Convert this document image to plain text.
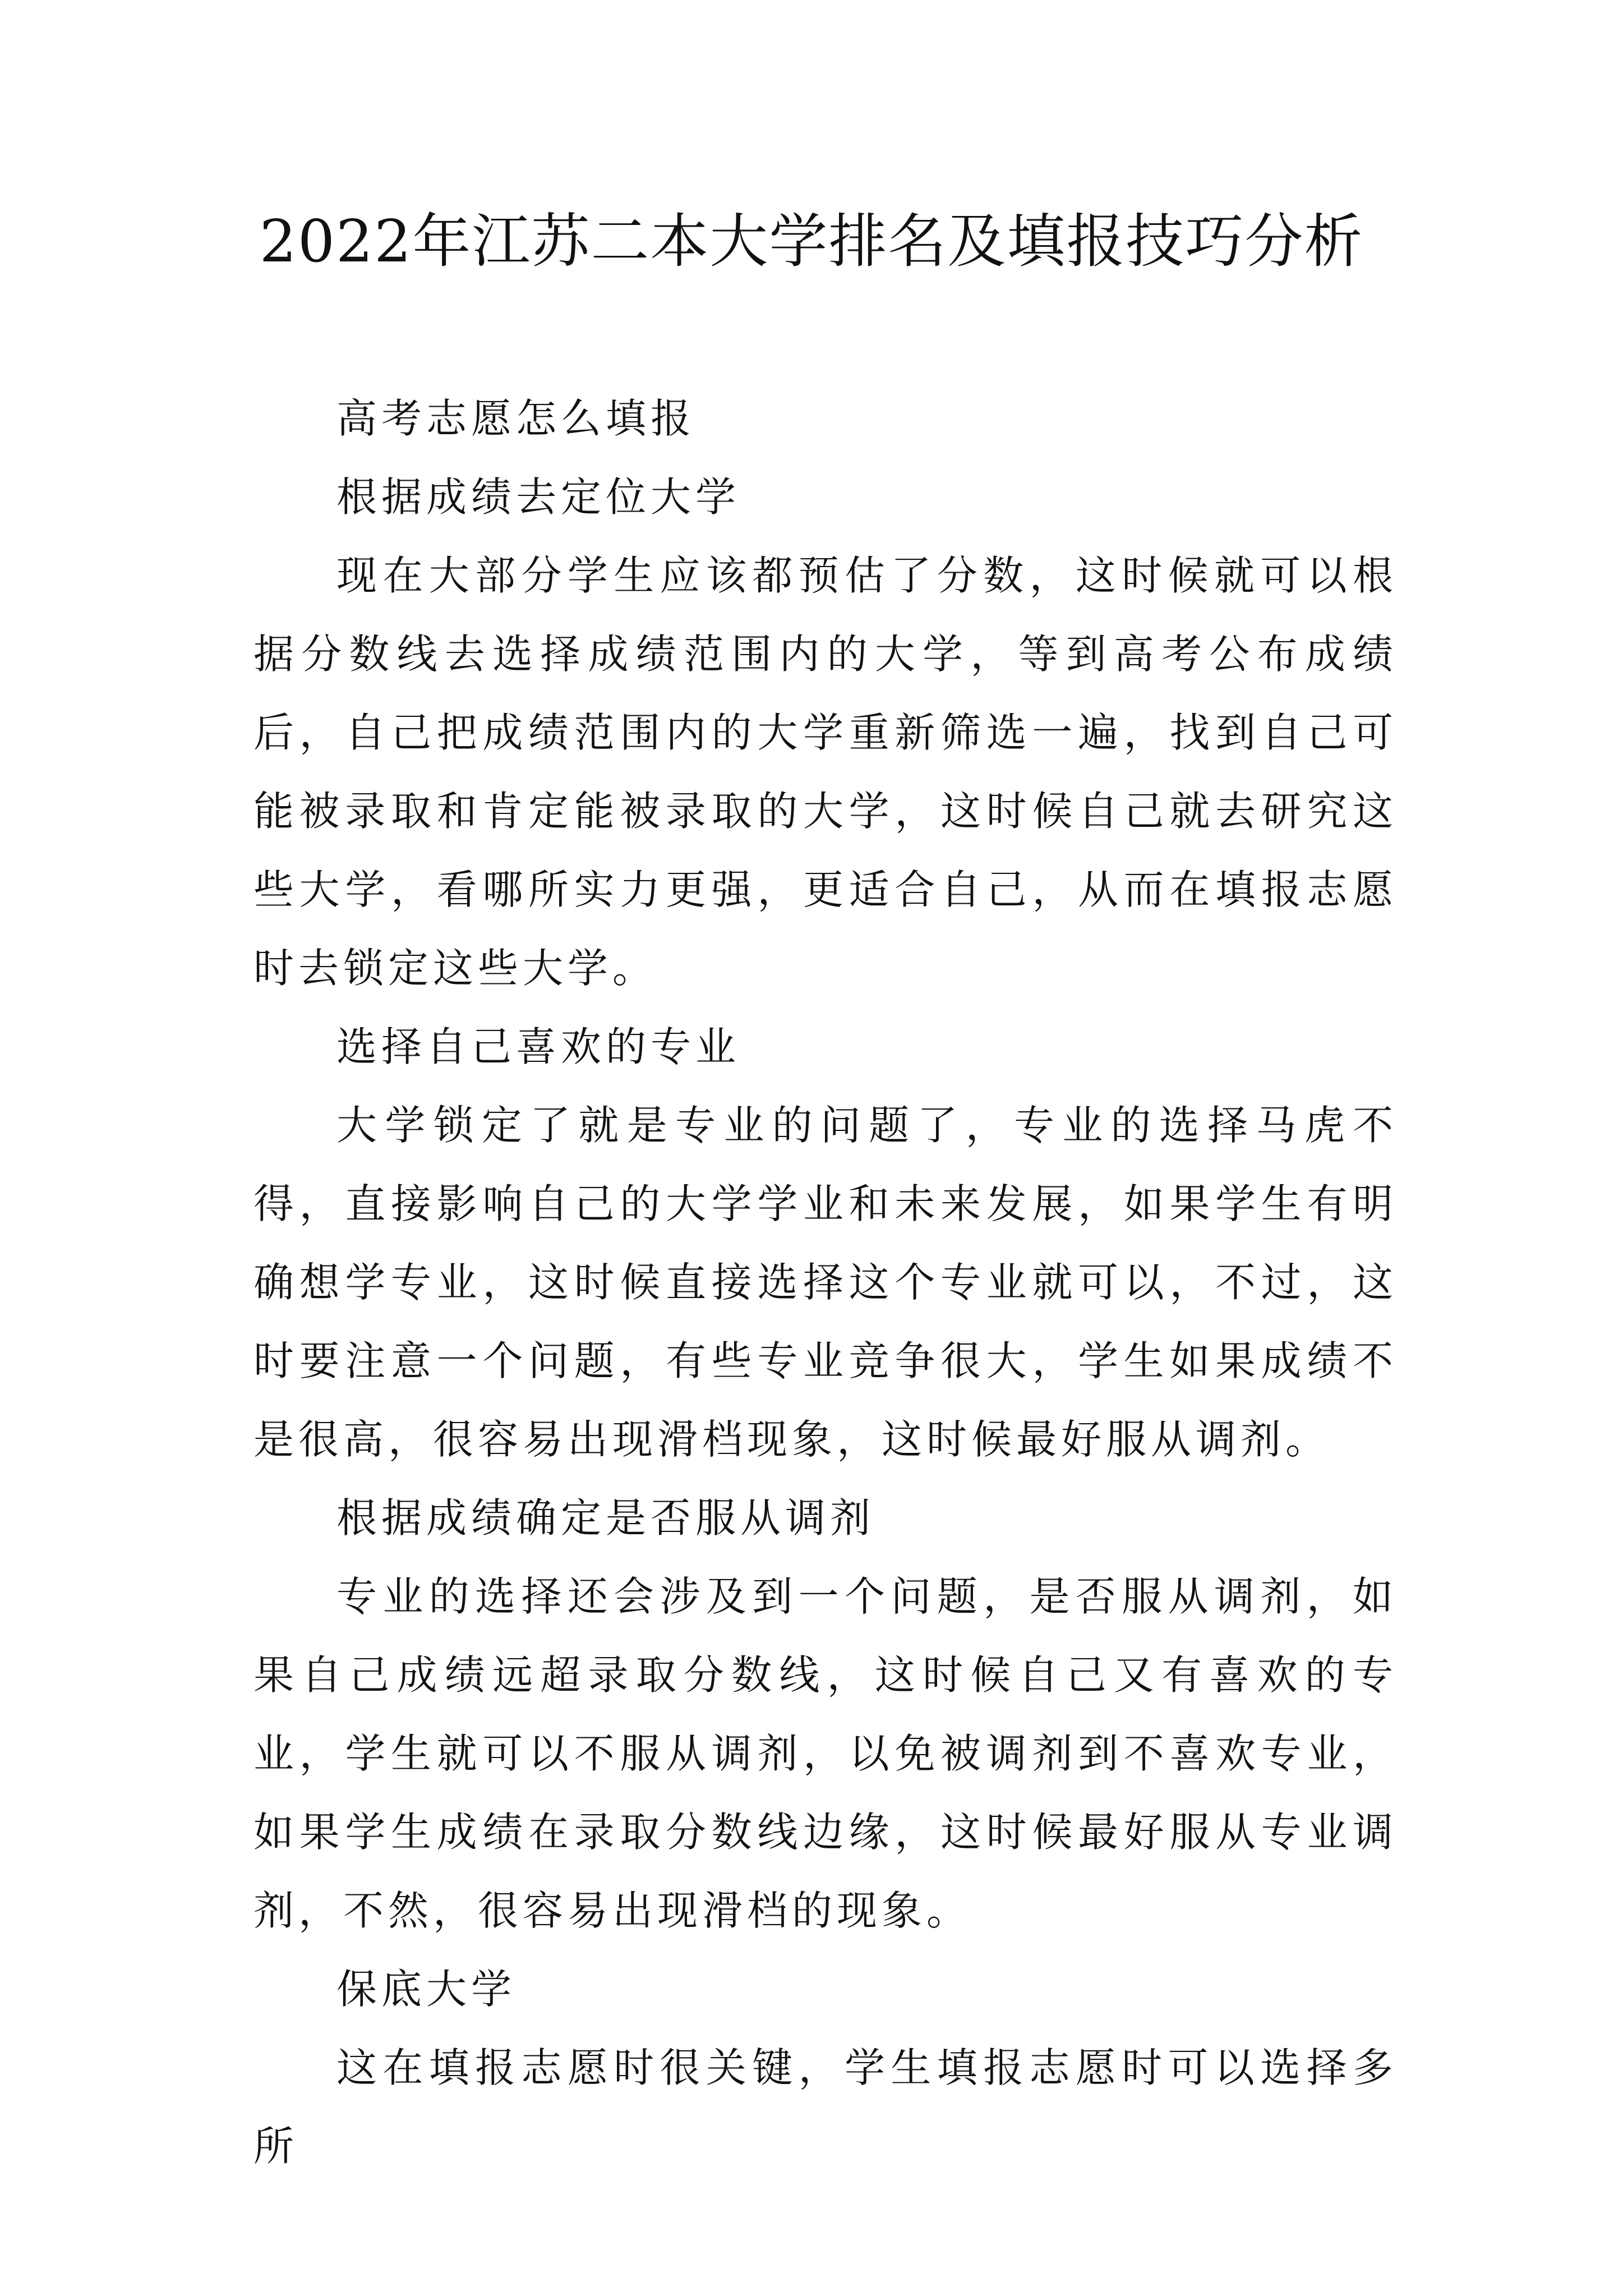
2022年江苏二本大学排名及填报技巧分析

高考志愿怎么填报

根据成绩去定位大学

现在大部分学生应该都预估了分数，这时候就可以根据分数线去选择成绩范围内的大学，等到高考公布成绩后，自己把成绩范围内的大学重新筛选一遍，找到自己可能被录取和肯定能被录取的大学，这时候自己就去研究这些大学，看哪所实力更强，更适合自己，从而在填报志愿时去锁定这些大学。

选择自己喜欢的专业

大学锁定了就是专业的问题了，专业的选择马虎不得，直接影响自己的大学学业和未来发展，如果学生有明确想学专业，这时候直接选择这个专业就可以，不过，这时要注意一个问题，有些专业竞争很大，学生如果成绩不是很高，很容易出现滑档现象，这时候最好服从调剂。

根据成绩确定是否服从调剂

专业的选择还会涉及到一个问题，是否服从调剂，如果自己成绩远超录取分数线，这时候自己又有喜欢的专业，学生就可以不服从调剂，以免被调剂到不喜欢专业，如果学生成绩在录取分数线边缘，这时候最好服从专业调剂，不然，很容易出现滑档的现象。

保底大学

这在填报志愿时很关键，学生填报志愿时可以选择多所
